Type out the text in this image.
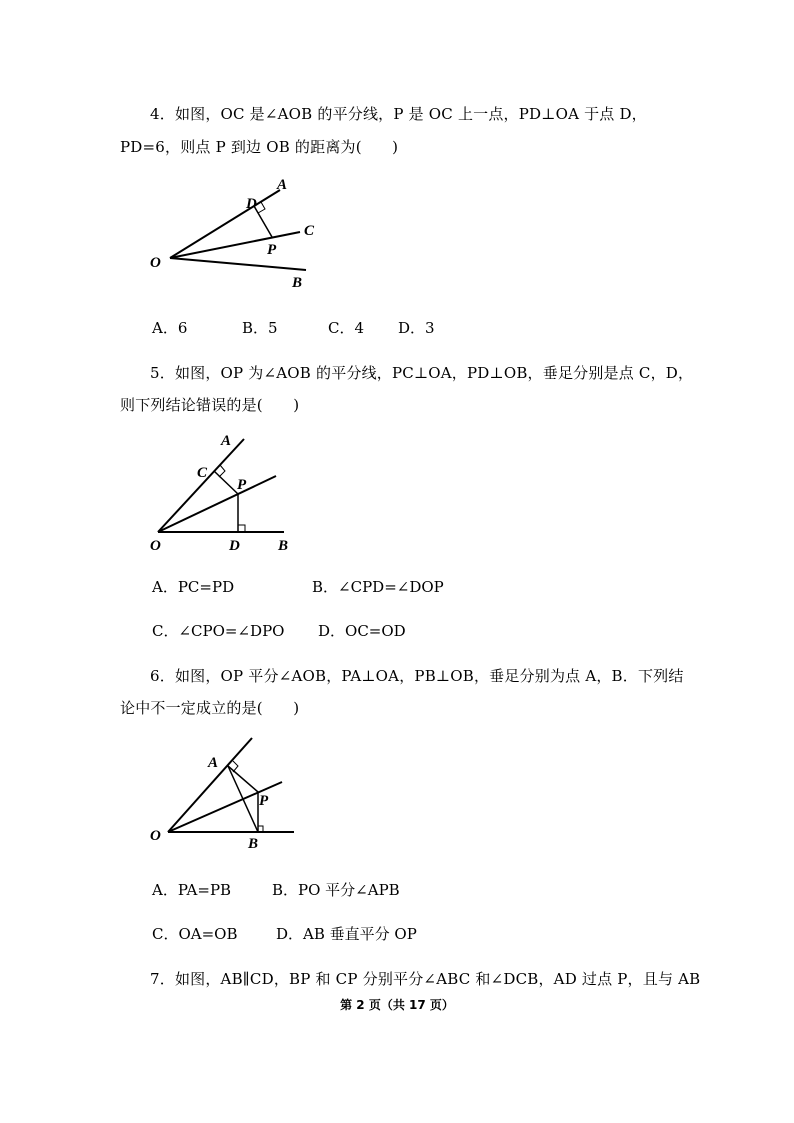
4．如图，OC 是∠AOB 的平分线，P 是 OC 上一点，PD⊥OA 于点 D，
PD=6，则点 P 到边 OB 的距离为(　　)
A
D
C
P
O
B
A．6	B．5	C．4 D．3
5．如图，OP 为∠AOB 的平分线，PC⊥OA，PD⊥OB，垂足分别是点 C，D，
则下列结论错误的是(　　)
A
C
P
O	D	B
A．PC=PD	B．∠CPD=∠DOP
C．∠CPO=∠DPO D．OC=OD
6．如图，OP 平分∠AOB，PA⊥OA，PB⊥OB，垂足分别为点 A，B．下列结
论中不一定成立的是(　　)
A
P
O	B
A．PA=PB	B．PO 平分∠APB
C．OA=OB	D．AB 垂直平分 OP
7．如图，AB∥CD，BP 和 CP 分别平分∠ABC 和∠DCB，AD 过点 P，且与 AB
第 2 页（共 17 页）
